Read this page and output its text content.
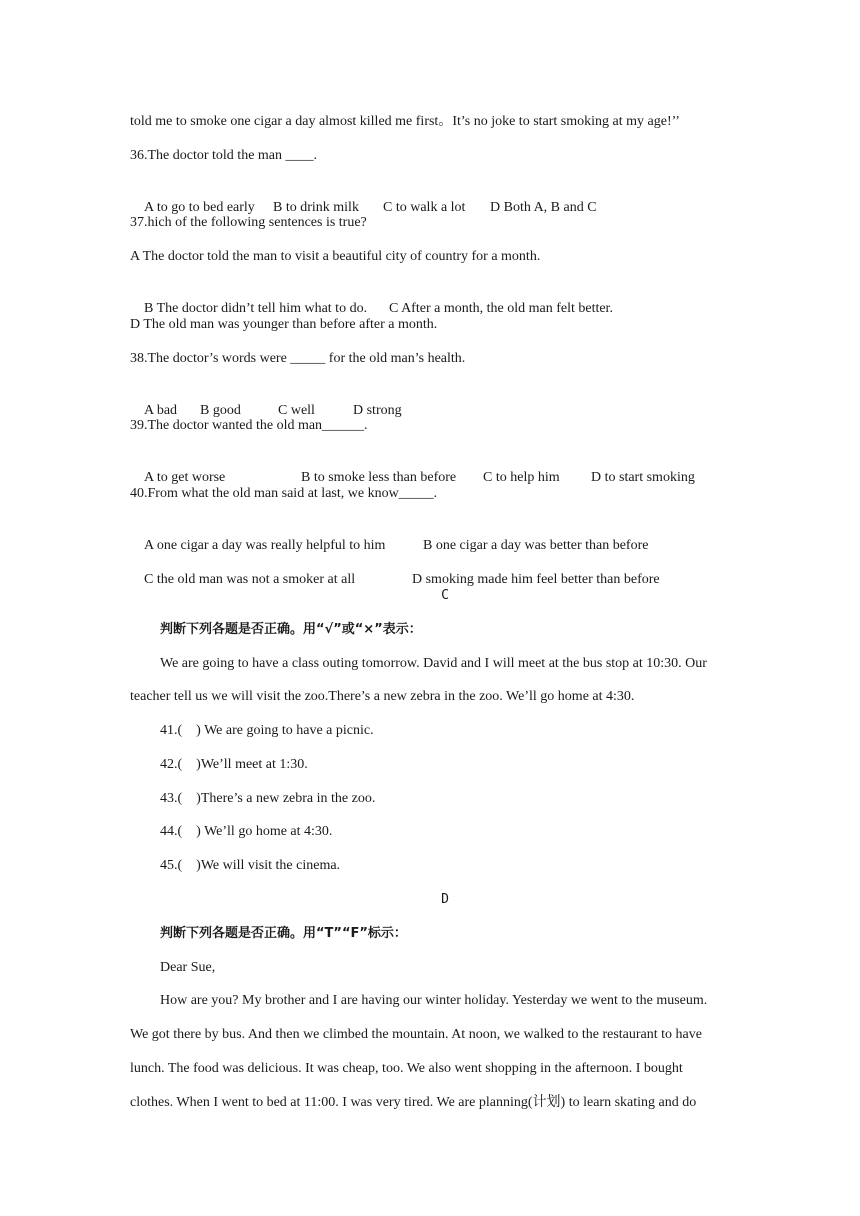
told me to smoke one cigar a day almost killed me first。It’s no joke to start smoking at my age!’’
36.The doctor told the man ____.

A to go to bed early B to drink milk C to walk a lot D Both A, B and C

37.hich of the following sentences is true?
A The doctor told the man to visit a beautiful city of country for a month.

B The doctor didn’t tell him what to do. C After a month, the old man felt better.

D The old man was younger than before after a month.
38.The doctor’s words were _____ for the old man’s health.

A bad B good	C well	D strong

39.The doctor wanted the old man______.

A to get worse	B to smoke less than before C to help him D to start smoking

40.From what the old man said at last, we know_____.

A one cigar a day was really helpful to him	B one cigar a day was better than before

C the old man was not a smoker at all	D smoking made him feel better than before

C
判断下列各题是否正确。用“√”或“×”表示：
We are going to have a class outing tomorrow. David and I will meet at the bus stop at 10:30. Our
teacher tell us we will visit the zoo.There’s a new zebra in the zoo. We’ll go home at 4:30.
41.(    ) We are going to have a picnic.
42.(    )We’ll meet at 1:30.
43.(    )There’s a new zebra in the zoo.
44.(    ) We’ll go home at 4:30.
45.(    )We will visit the cinema.
D
判断下列各题是否正确。用“T”“F”标示：
Dear Sue,
How are you? My brother and I are having our winter holiday. Yesterday we went to the museum.
We got there by bus. And then we climbed the mountain. At noon, we walked to the restaurant to have
lunch. The food was delicious. It was cheap, too. We also went shopping in the afternoon. I bought
clothes. When I went to bed at 11:00. I was very tired. We are planning(计划) to learn skating and do
